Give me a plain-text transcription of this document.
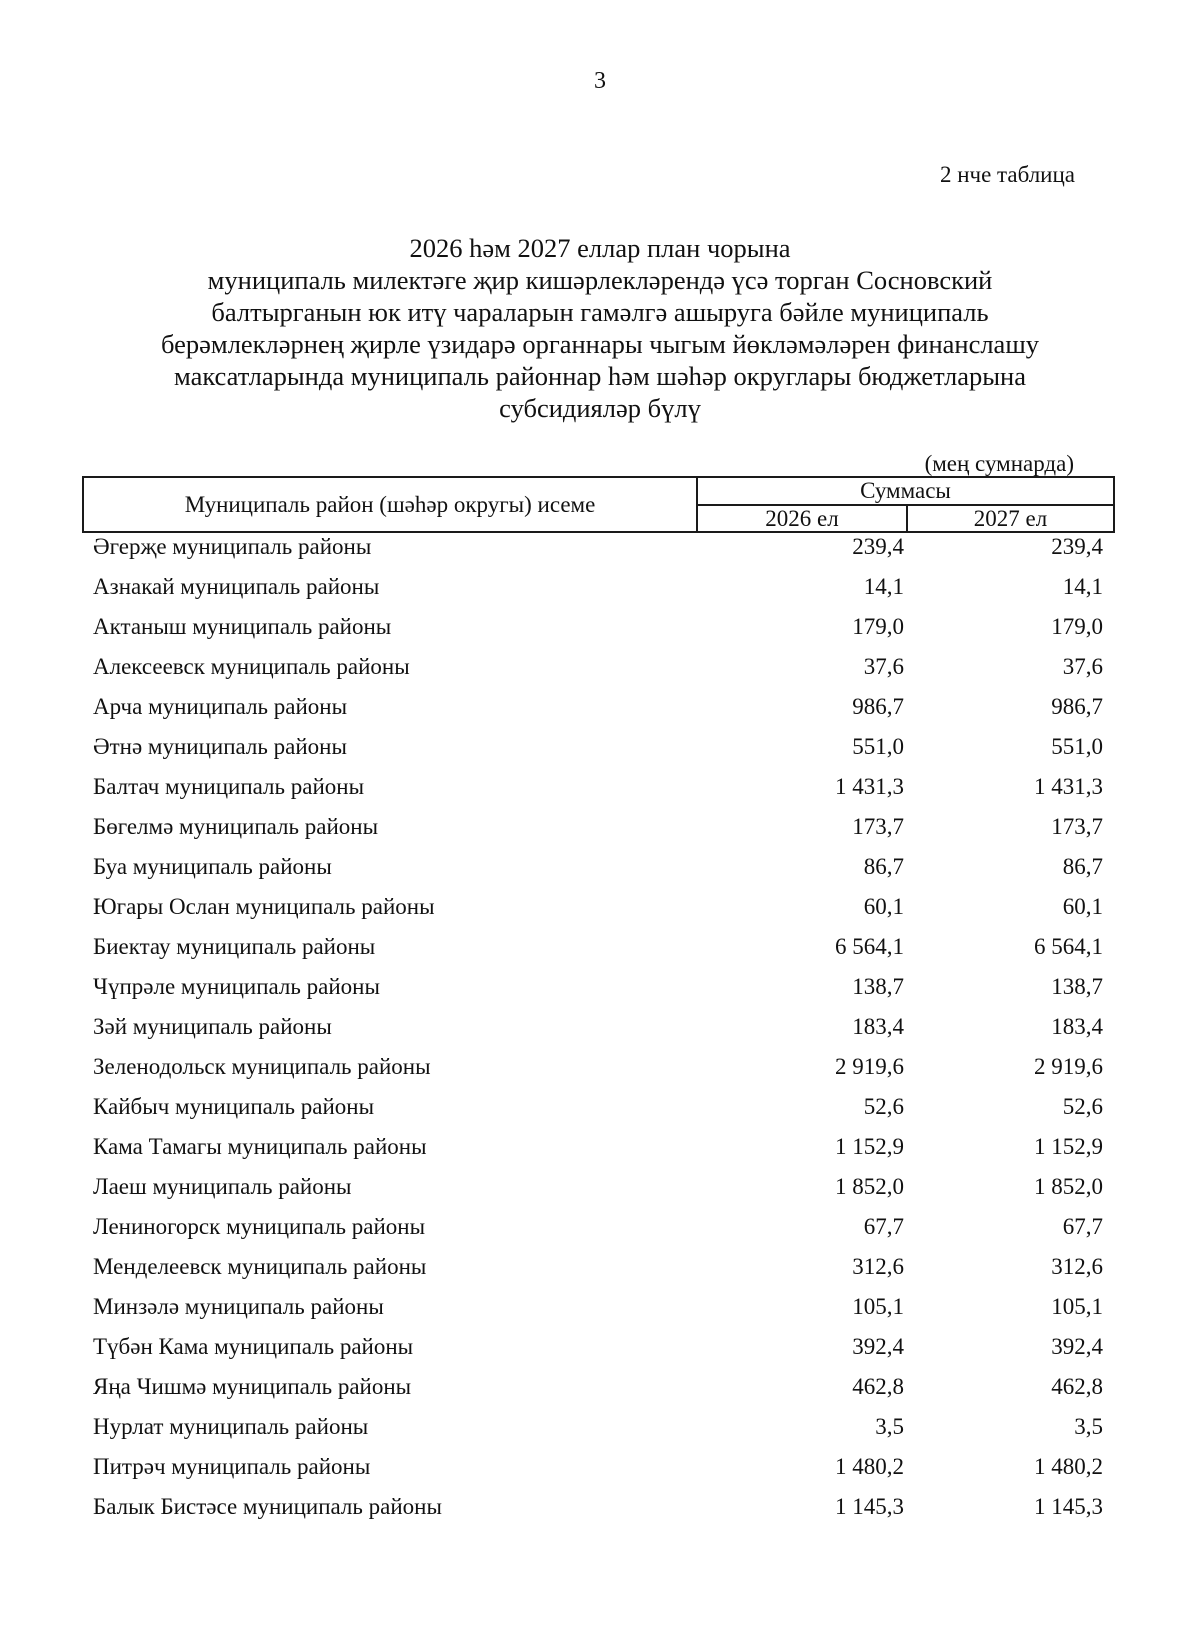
3
2 нче таблица
2026 һәм 2027 еллар план чорына
муниципаль милектәге җир кишәрлекләрендә үсә торган Сосновский
балтырганын юк итү чараларын гамәлгә ашыруга бәйле муниципаль
берәмлекләрнең җирле үзидарә органнары чыгым йөкләмәләрен финанслашу
максатларында муниципаль районнар һәм шәһәр округлары бюджетларына
субсидияләр бүлү
(мең сумнарда)
Муниципаль район (шәһәр округы) исеме
Суммасы
2026 ел	2027 ел
Әгерҗе муниципаль районы	239,4	239,4
Азнакай муниципаль районы	14,1	14,1
Актаныш муниципаль районы	179,0	179,0
Алексеевск муниципаль районы	37,6	37,6
Арча муниципаль районы	986,7	986,7
Әтнә муниципаль районы	551,0	551,0
Балтач муниципаль районы	1 431,3	1 431,3
Бөгелмә муниципаль районы	173,7	173,7
Буа муниципаль районы	86,7	86,7
Югары Ослан муниципаль районы	60,1	60,1
Биектау муниципаль районы	6 564,1	6 564,1
Чүпрәле муниципаль районы	138,7	138,7
Зәй муниципаль районы	183,4	183,4
Зеленодольск муниципаль районы	2 919,6	2 919,6
Кайбыч муниципаль районы	52,6	52,6
Кама Тамагы муниципаль районы	1 152,9	1 152,9
Лаеш муниципаль районы	1 852,0	1 852,0
Лениногорск муниципаль районы	67,7	67,7
Менделеевск муниципаль районы	312,6	312,6
Минзәлә муниципаль районы	105,1	105,1
Түбән Кама муниципаль районы	392,4	392,4
Яңа Чишмә муниципаль районы	462,8	462,8
Нурлат муниципаль районы	3,5	3,5
Питрәч муниципаль районы	1 480,2	1 480,2
Балык Бистәсе муниципаль районы	1 145,3	1 145,3
